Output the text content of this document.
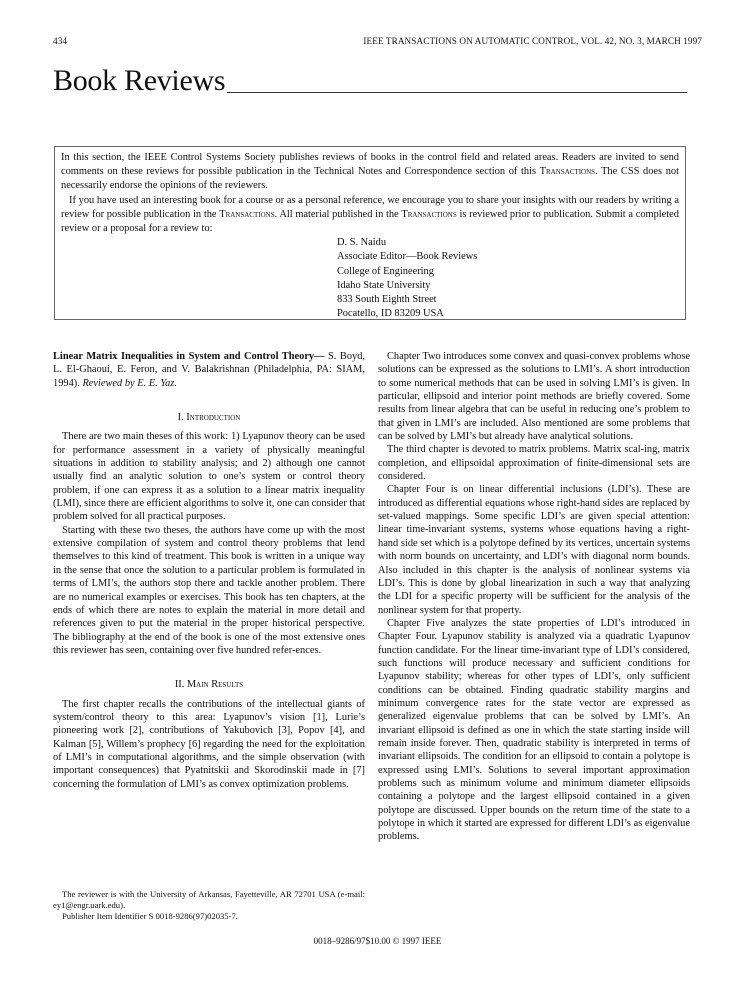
434	IEEE TRANSACTIONS ON AUTOMATIC CONTROL, VOL. 42, NO. 3, MARCH 1997
Book Reviews

In this section, the IEEE Control Systems Society publishes reviews of books in the control field and related areas. Readers are invited to send comments on these reviews for possible publication in the Technical Notes and Correspondence section of this Transactions. The CSS does not necessarily endorse the opinions of the reviewers.

If you have used an interesting book for a course or as a personal reference, we encourage you to share your insights with our readers by writing a review for possible publication in the Transactions. All material published in the Transactions is reviewed prior to publication. Submit a completed review or a proposal for a review to:

D. S. Naidu
Associate Editor—Book Reviews
College of Engineering
Idaho State University
833 South Eighth Street
Pocatello, ID 83209 USA

Linear Matrix Inequalities in System and Control Theory— S. Boyd, L. El-Ghaoui, E. Feron, and V. Balakrishnan (Philadelphia, PA: SIAM, 1994). Reviewed by E. E. Yaz.

I. Introduction

There are two main theses of this work: 1) Lyapunov theory can be used for performance assessment in a variety of physically meaningful situations in addition to stability analysis; and 2) although one cannot usually find an analytic solution to one’s system or control theory problem, if one can express it as a solution to a linear matrix inequality (LMI), since there are efficient algorithms to solve it, one can consider that problem solved for all practical purposes.

Starting with these two theses, the authors have come up with the most extensive compilation of system and control theory problems that lend themselves to this kind of treatment. This book is written in a unique way in the sense that once the solution to a particular problem is formulated in terms of LMI’s, the authors stop there and tackle another problem. There are no numerical examples or exercises. This book has ten chapters, at the ends of which there are notes to explain the material in more detail and references given to put the material in the proper historical perspective. The bibliography at the end of the book is one of the most extensive ones this reviewer has seen, containing over five hundred refer-ences.

II. Main Results

The first chapter recalls the contributions of the intellectual giants of system/control theory to this area: Lyapunov’s vision [1], Lurie’s pioneering work [2], contributions of Yakubovich [3], Popov [4], and Kalman [5], Willem’s prophecy [6] regarding the need for the exploitation of LMI’s in computational algorithms, and the simple observation (with important consequences) that Pyatnitskii and Skorodinskii made in [7] concerning the formulation of LMI’s as convex optimization problems.

Chapter Two introduces some convex and quasi-convex problems whose solutions can be expressed as the solutions to LMI’s. A short introduction to some numerical methods that can be used in solving LMI’s is given. In particular, ellipsoid and interior point methods are briefly covered. Some results from linear algebra that can be useful in reducing one’s problem to that given in LMI’s are included. Also mentioned are some problems that can be solved by LMI’s but already have analytical solutions.

The third chapter is devoted to matrix problems. Matrix scal-ing, matrix completion, and ellipsoidal approximation of finite-dimensional sets are considered.

Chapter Four is on linear differential inclusions (LDI’s). These are introduced as differential equations whose right-hand sides are replaced by set-valued mappings. Some specific LDI’s are given special attention: linear time-invariant systems, systems whose equations having a right-hand side set which is a polytope defined by its vertices, uncertain systems with norm bounds on uncertainty, and LDI’s with diagonal norm bounds. Also included in this chapter is the analysis of nonlinear systems via LDI’s. This is done by global linearization in such a way that analyzing the LDI for a specific property will be sufficient for the analysis of the nonlinear system for that property.

Chapter Five analyzes the state properties of LDI’s introduced in Chapter Four. Lyapunov stability is analyzed via a quadratic Lyapunov function candidate. For the linear time-invariant type of LDI’s considered, such functions will produce necessary and sufficient conditions for Lyapunov stability; whereas for other types of LDI’s, only sufficient conditions can be obtained. Finding quadratic stability margins and minimum convergence rates for the state vector are expressed as generalized eigenvalue problems that can be solved by LMI’s. An invariant ellipsoid is defined as one in which the state starting inside will remain inside forever. Then, quadratic stability is interpreted in terms of invariant ellipsoids. The condition for an ellipsoid to contain a polytope is expressed using LMI’s. Solutions to several important approximation problems such as minimum volume and minimum diameter ellipsoids containing a polytope and the largest ellipsoid contained in a given polytope are discussed. Upper bounds on the return time of the state to a polytope in which it started are expressed for different LDI’s as eigenvalue problems.

The reviewer is with the University of Arkansas, Fayetteville, AR 72701 USA (e-mail: ey1@engr.uark.edu).

Publisher Item Identifier S 0018-9286(97)02035-7.

0018–9286/97$10.00 © 1997 IEEE
